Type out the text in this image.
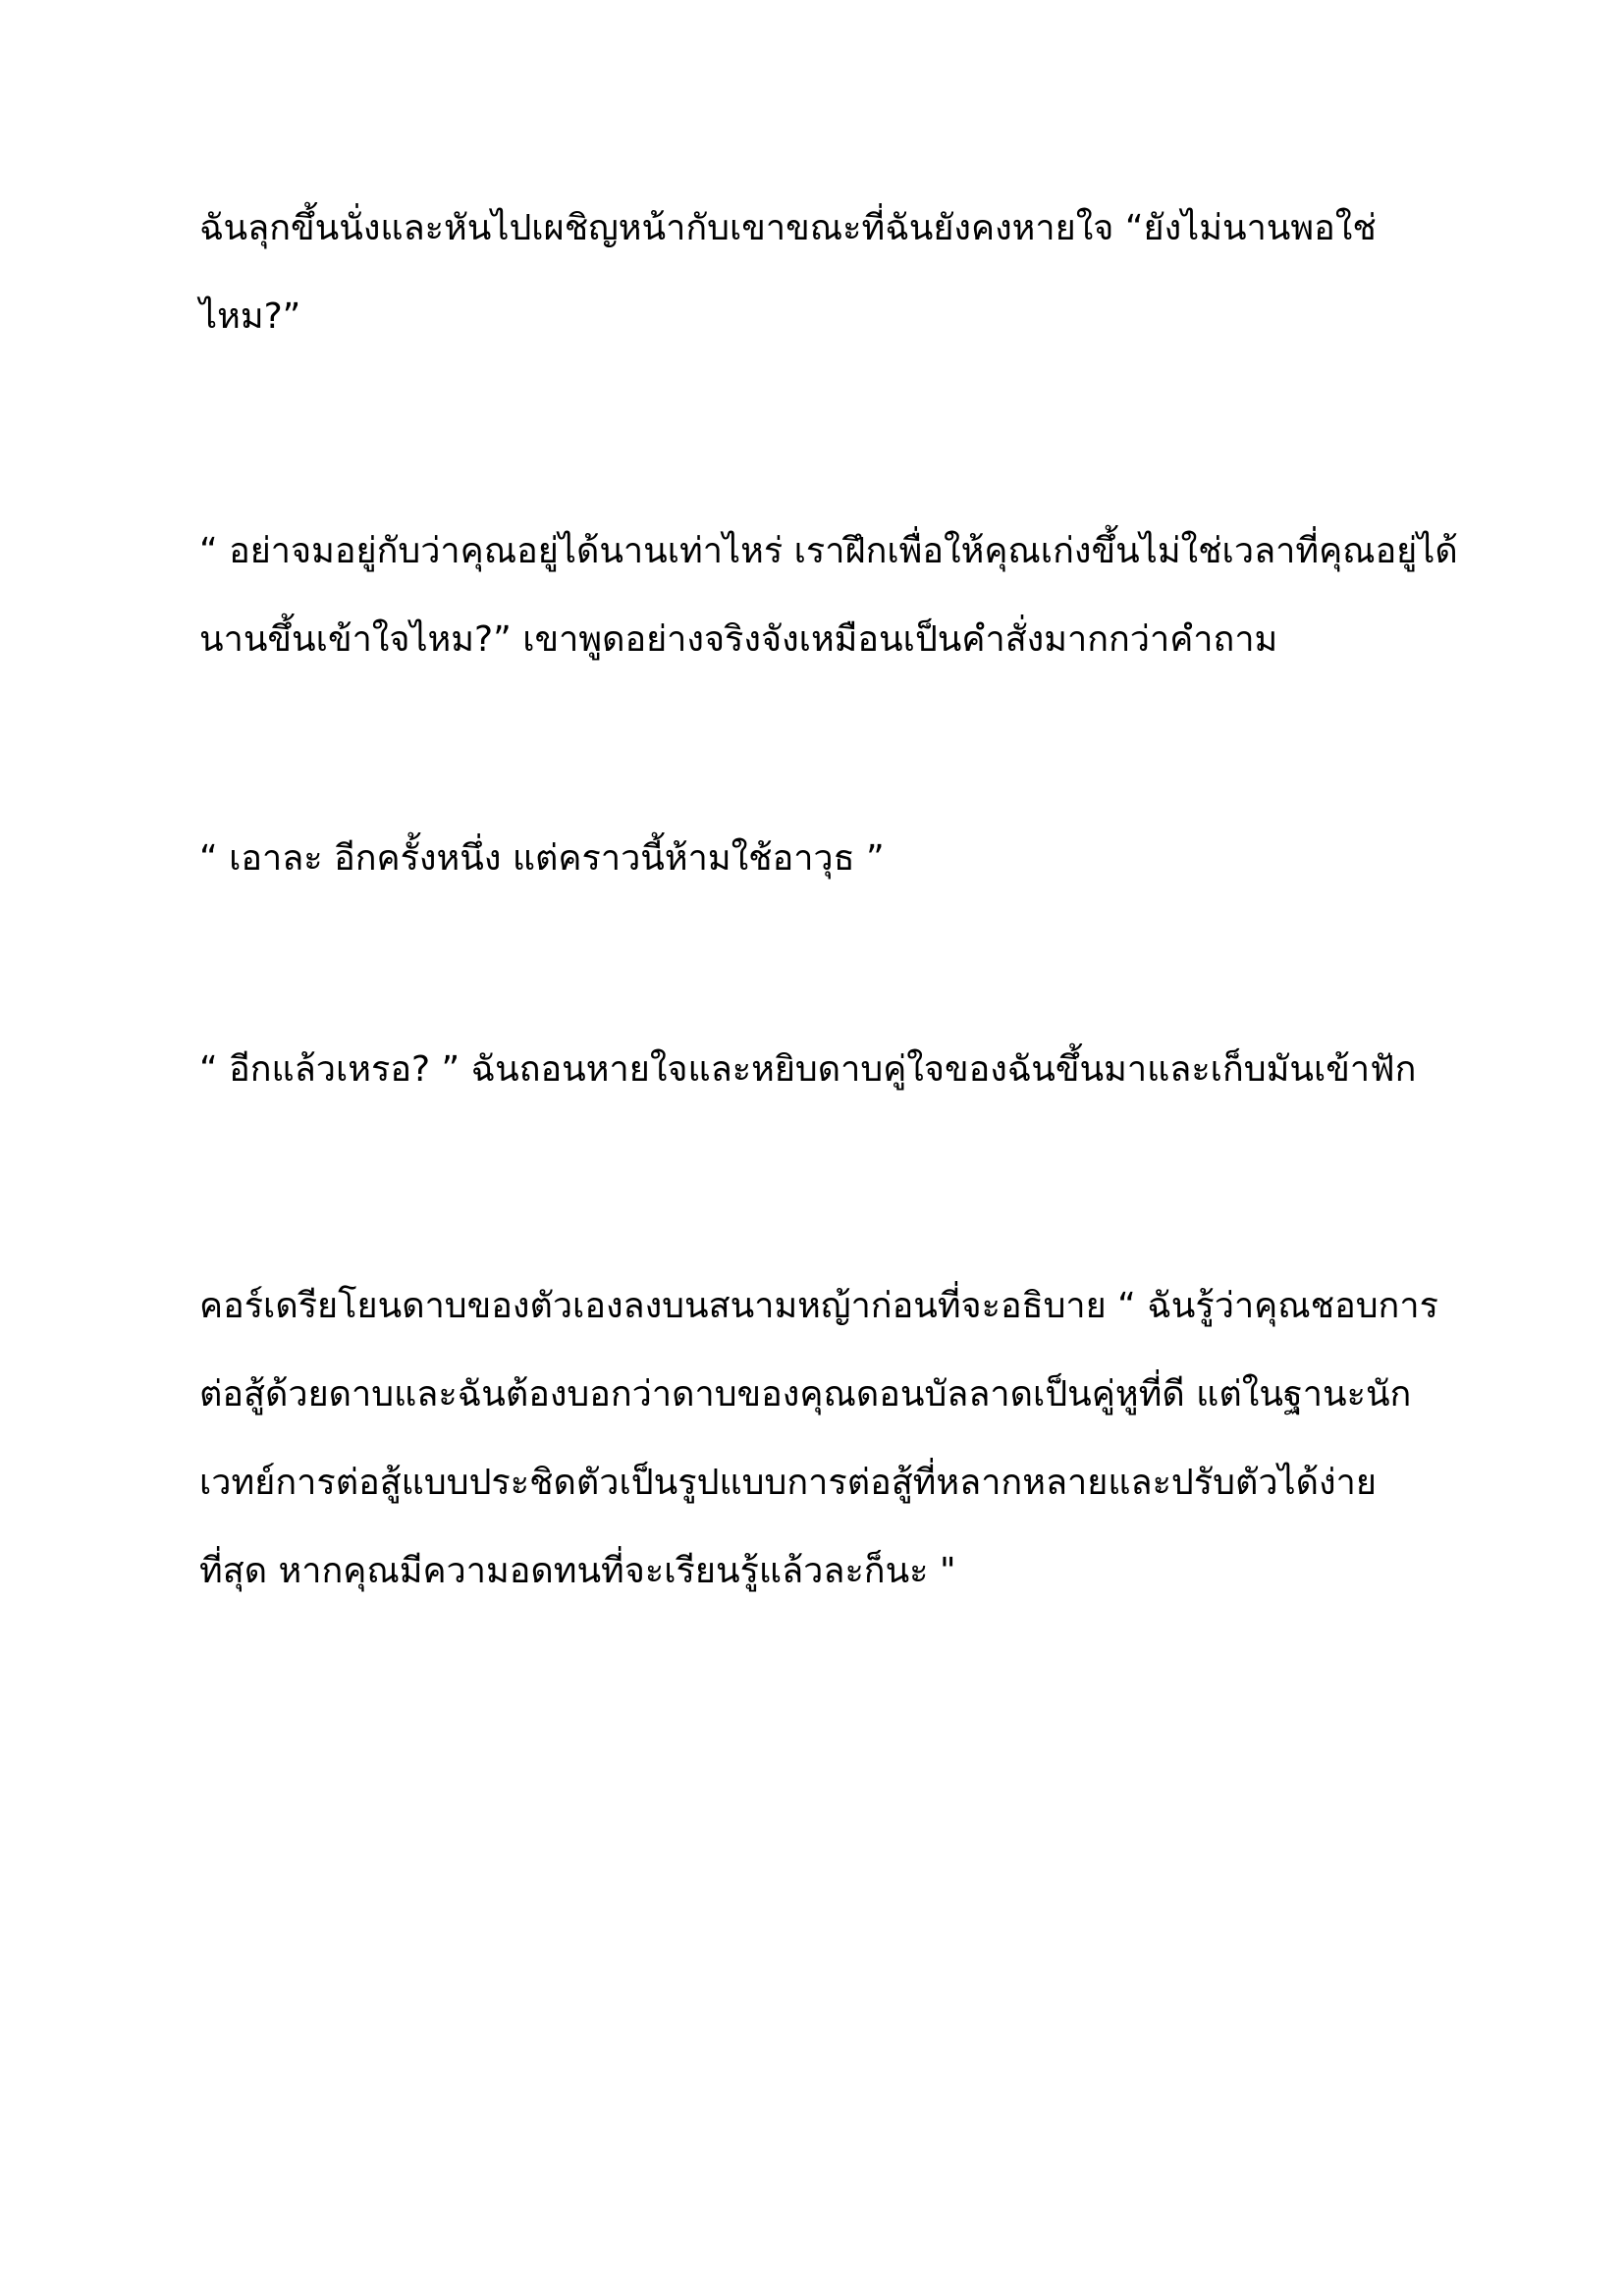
ฉันลุกขึ้นนั่งและหันไปเผชิญหน้ากับเขาขณะที่ฉันยังคงหายใจ “ยังไม่นานพอใช่

ไหม?”

“ อย่าจมอยู่กับว่าคุณอยู่ได้นานเท่าไหร่ เราฝึกเพื่อให้คุณเก่งขึ้นไม่ใช่เวลาที่คุณอยู่ได้

นานขึ้นเข้าใจไหม?” เขาพูดอย่างจริงจังเหมือนเป็นคำสั่งมากกว่าคำถาม

“ เอาละ อีกครั้งหนึ่ง แต่คราวนี้ห้ามใช้อาวุธ ”

“ อีกแล้วเหรอ? ” ฉันถอนหายใจและหยิบดาบคู่ใจของฉันขึ้นมาและเก็บมันเข้าฟัก

คอร์เดรียโยนดาบของตัวเองลงบนสนามหญ้าก่อนที่จะอธิบาย “ ฉันรู้ว่าคุณชอบการ

ต่อสู้ด้วยดาบและฉันต้องบอกว่าดาบของคุณดอนบัลลาดเป็นคู่หูที่ดี แต่ในฐานะนัก

เวทย์การต่อสู้แบบประชิดตัวเป็นรูปแบบการต่อสู้ที่หลากหลายและปรับตัวได้ง่าย

ที่สุด หากคุณมีความอดทนที่จะเรียนรู้แล้วละก็นะ "
